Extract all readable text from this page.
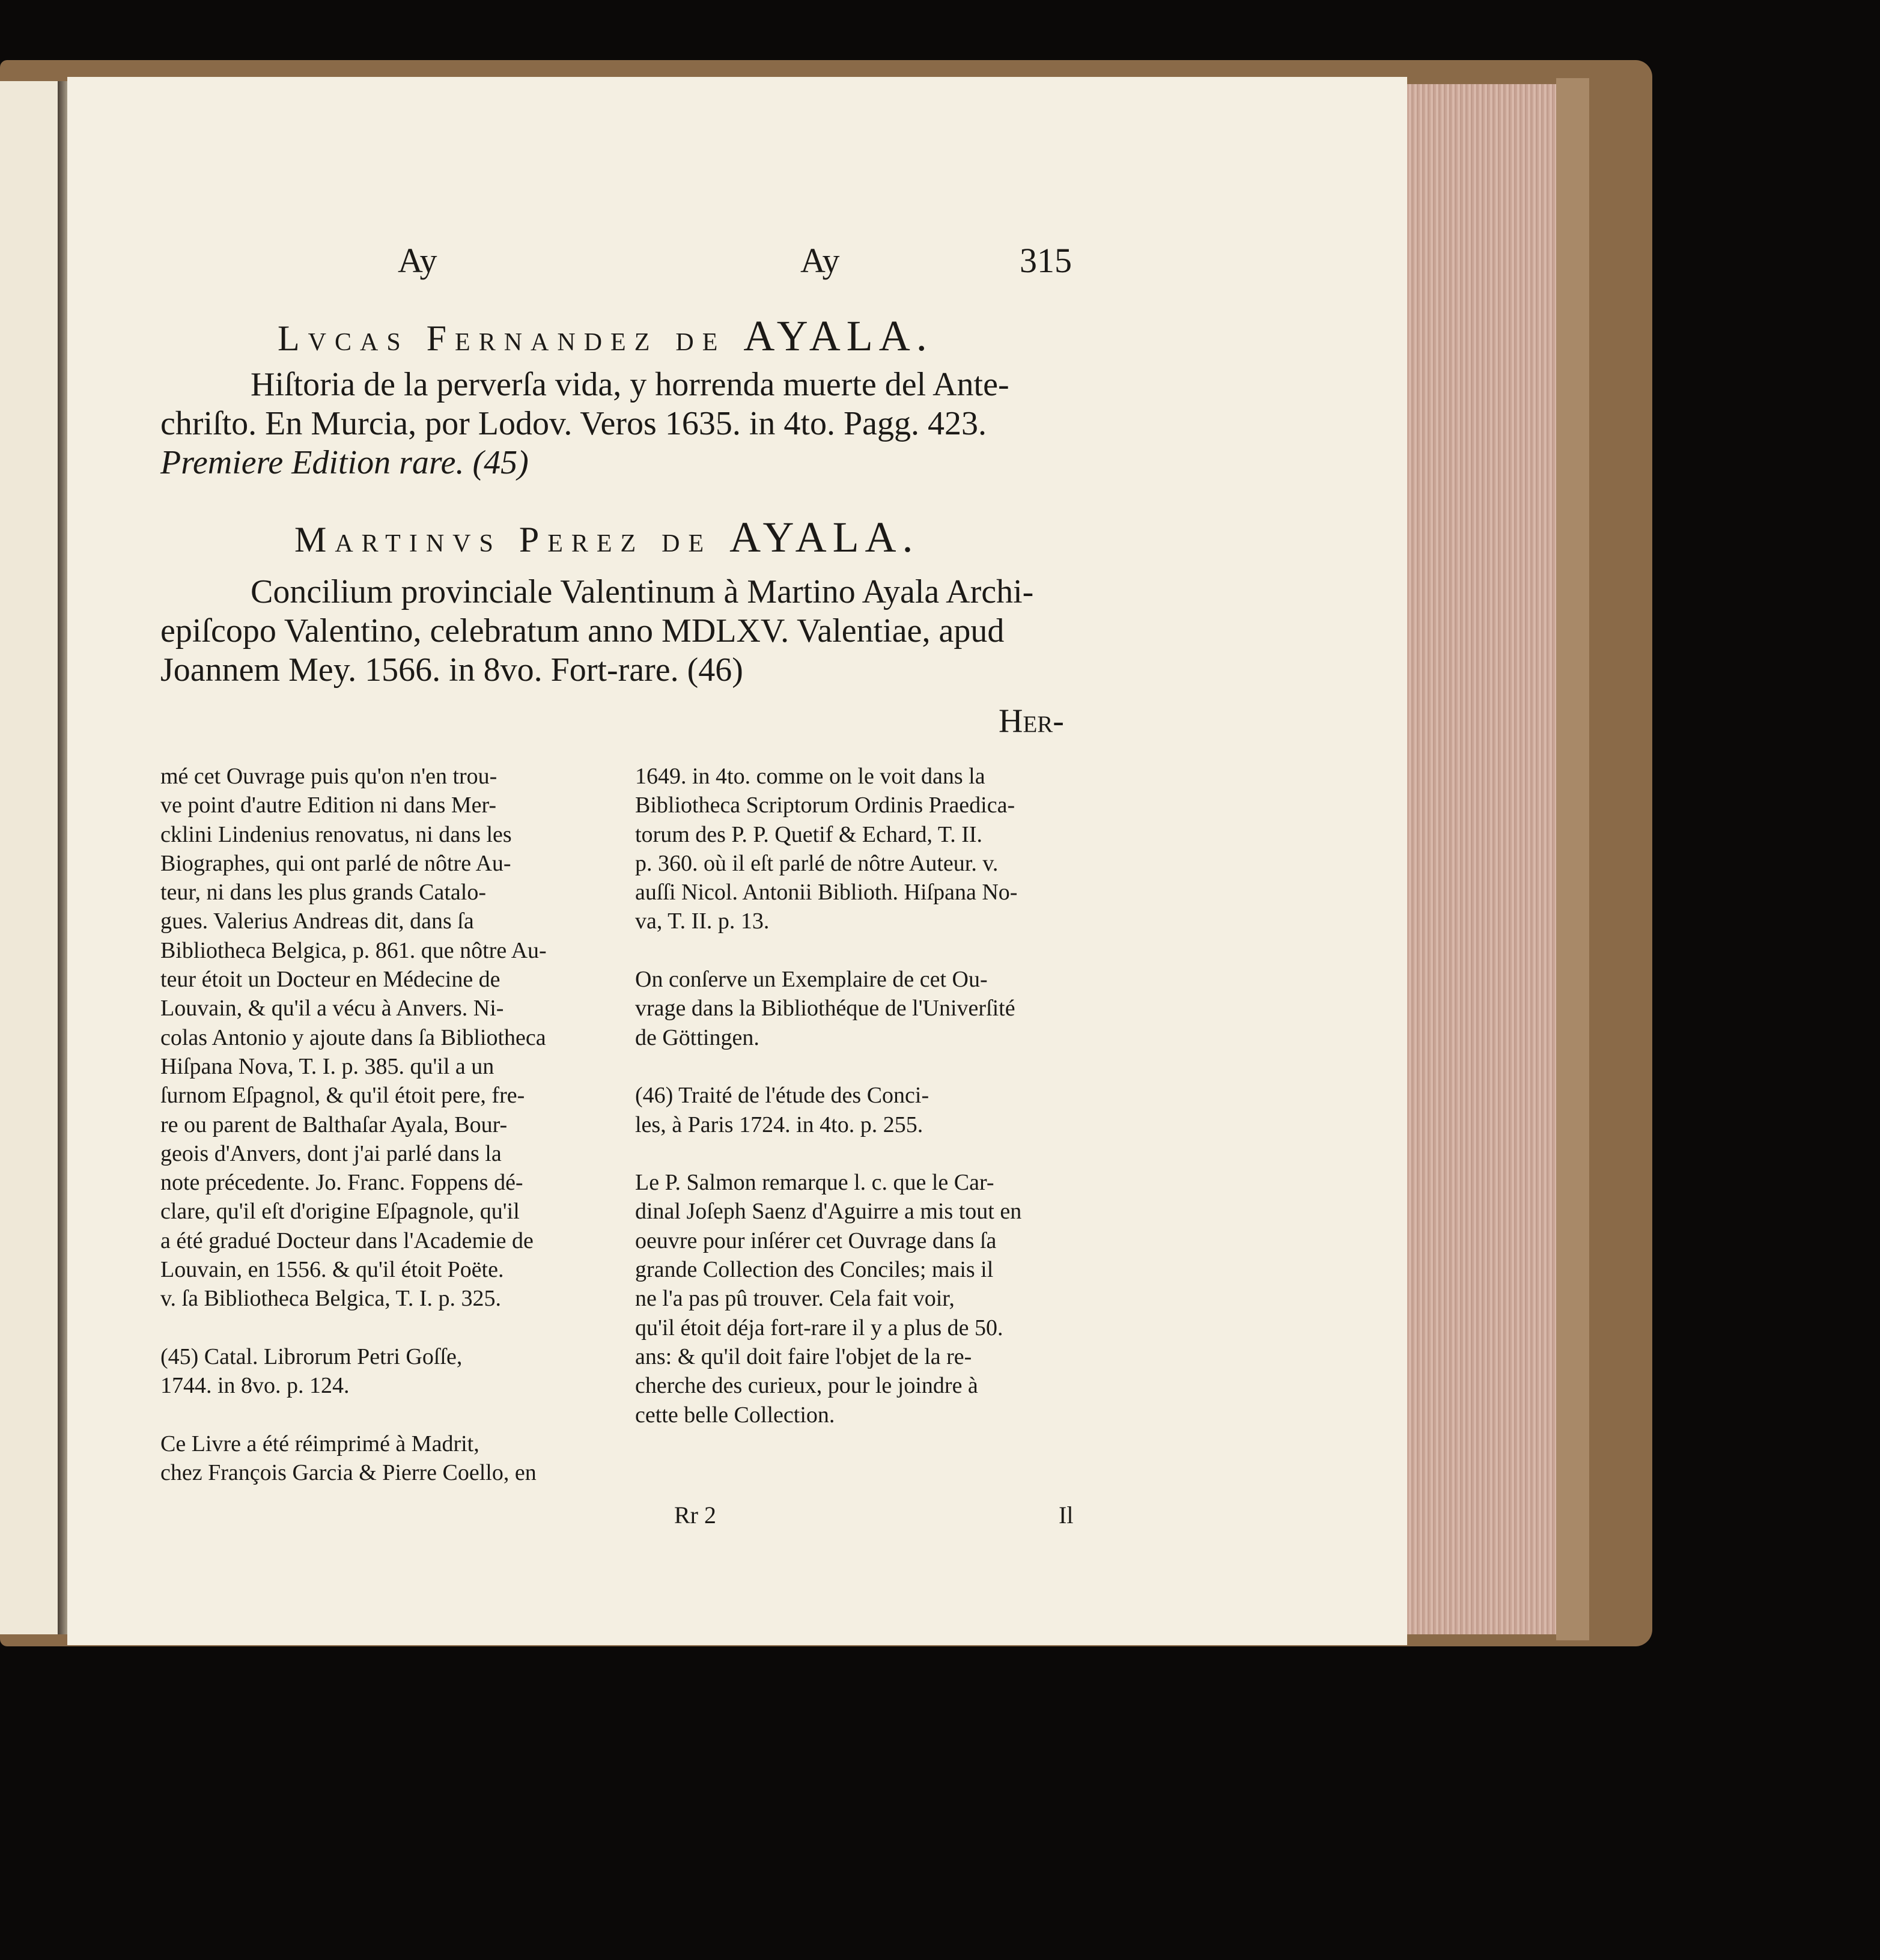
Ay	Ay	315
Lvcas Fernandez de AYALA.
Hiſtoria de la perverſa vida, y horrenda muerte del Ante-
chriſto. En Murcia, por Lodov. Veros 1635. in 4to. Pagg. 423.
Premiere Edition rare. (45)
Martinvs Perez de AYALA.
Concilium provinciale Valentinum à Martino Ayala Archi-
epiſcopo Valentino, celebratum anno MDLXV. Valentiae, apud
Joannem Mey. 1566. in 8vo. Fort-rare. (46)
Her-

mé cet Ouvrage puis qu'on n'en trou-

ve point d'autre Edition ni dans Mer-

cklini Lindenius renovatus, ni dans les

Biographes, qui ont parlé de nôtre Au-

teur, ni dans les plus grands Catalo-

gues. Valerius Andreas dit, dans ſa

Bibliotheca Belgica, p. 861. que nôtre Au-

teur étoit un Docteur en Médecine de

Louvain, & qu'il a vécu à Anvers. Ni-

colas Antonio y ajoute dans ſa Bibliotheca

Hiſpana Nova, T. I. p. 385. qu'il a un

ſurnom Eſpagnol, & qu'il étoit pere, fre-

re ou parent de Balthaſar Ayala, Bour-

geois d'Anvers, dont j'ai parlé dans la

note précedente. Jo. Franc. Foppens dé-

clare, qu'il eſt d'origine Eſpagnole, qu'il

a été gradué Docteur dans l'Academie de

Louvain, en 1556. & qu'il étoit Poëte.

v. ſa Bibliotheca Belgica, T. I. p. 325.

(45) Catal. Librorum Petri Goſſe,

1744. in 8vo. p. 124.

Ce Livre a été réimprimé à Madrit,

chez François Garcia & Pierre Coello, en

1649. in 4to. comme on le voit dans la

Bibliotheca Scriptorum Ordinis Praedica-

torum des P. P. Quetif & Echard, T. II.

p. 360. où il eſt parlé de nôtre Auteur. v.

auſſi Nicol. Antonii Biblioth. Hiſpana No-

va, T. II. p. 13.

On conſerve un Exemplaire de cet Ou-

vrage dans la Bibliothéque de l'Univerſité

de Göttingen.

(46) Traité de l'étude des Conci-

les, à Paris 1724. in 4to. p. 255.

Le P. Salmon remarque l. c. que le Car-

dinal Joſeph Saenz d'Aguirre a mis tout en

oeuvre pour inſérer cet Ouvrage dans ſa

grande Collection des Conciles; mais il

ne l'a pas pû trouver. Cela fait voir,

qu'il étoit déja fort-rare il y a plus de 50.

ans: & qu'il doit faire l'objet de la re-

cherche des curieux, pour le joindre à

cette belle Collection.

Rr 2	Il
